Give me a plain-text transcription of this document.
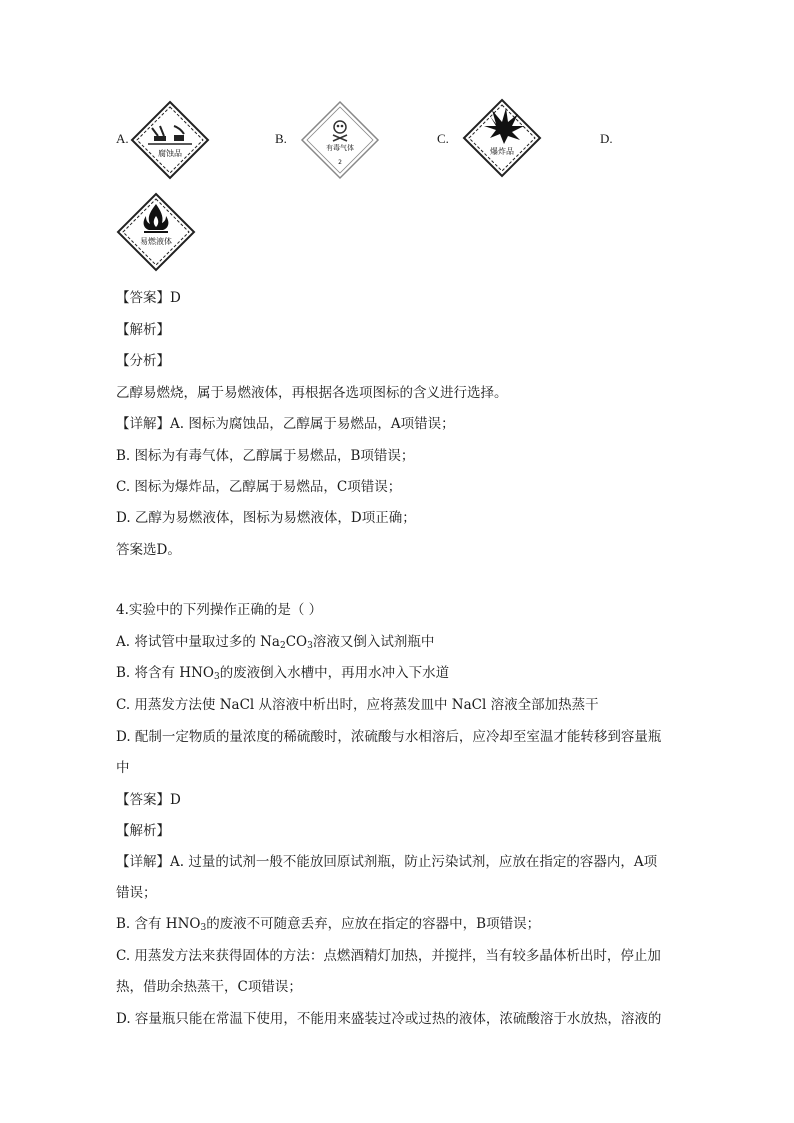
A.
腐蚀品
B.
有毒气体
2
C.
爆炸品
D.
易燃液体
【答案】D
【解析】
【分析】
乙醇易燃烧，属于易燃液体，再根据各选项图标的含义进行选择。
【详解】A. 图标为腐蚀品，乙醇属于易燃品，A项错误；
B. 图标为有毒气体，乙醇属于易燃品，B项错误；
C. 图标为爆炸品，乙醇属于易燃品，C项错误；
D. 乙醇为易燃液体，图标为易燃液体，D项正确；
答案选D。
4.实验中的下列操作正确的是（ ）
A. 将试管中量取过多的 $Na_2CO_3$溶液又倒入试剂瓶中
B. 将含有 $HNO_3$的废液倒入水槽中，再用水冲入下水道
C. 用蒸发方法使 NaCl 从溶液中析出时，应将蒸发皿中 NaCl 溶液全部加热蒸干
D. 配制一定物质的量浓度的稀硫酸时，浓硫酸与水相溶后，应冷却至室温才能转移到容量瓶
中
【答案】D
【解析】
【详解】A. 过量的试剂一般不能放回原试剂瓶，防止污染试剂，应放在指定的容器内，A项
错误；
B. 含有 $HNO_3$的废液不可随意丢弃，应放在指定的容器中，B项错误；
C. 用蒸发方法来获得固体的方法：点燃酒精灯加热，并搅拌，当有较多晶体析出时，停止加
热，借助余热蒸干，C项错误；
D. 容量瓶只能在常温下使用，不能用来盛装过冷或过热的液体，浓硫酸溶于水放热，溶液的
